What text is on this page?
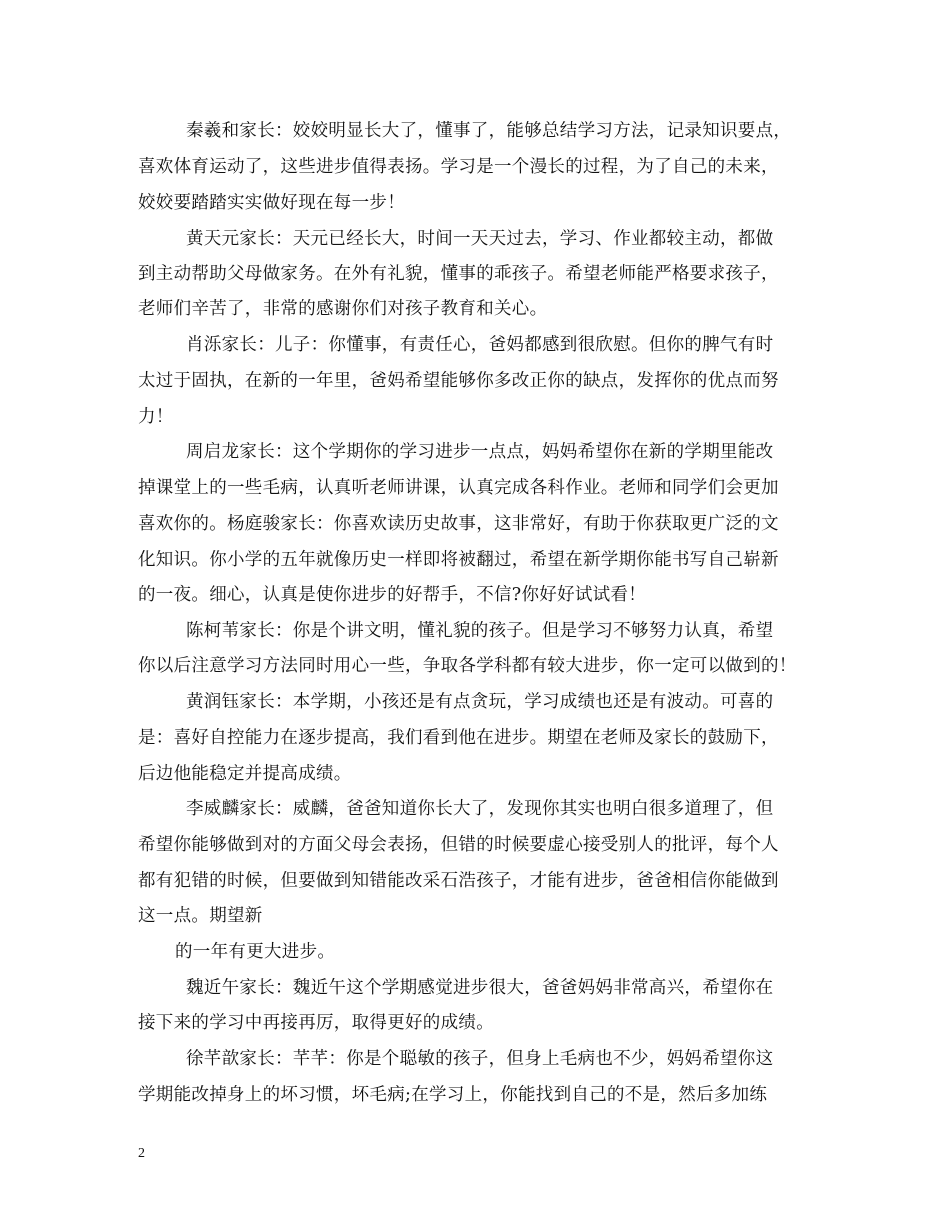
秦羲和家长：姣姣明显长大了，懂事了，能够总结学习方法，记录知识要点，
喜欢体育运动了，这些进步值得表扬。学习是一个漫长的过程，为了自己的未来，
姣姣要踏踏实实做好现在每一步！
黄天元家长：天元已经长大，时间一天天过去，学习、作业都较主动，都做
到主动帮助父母做家务。在外有礼貌，懂事的乖孩子。希望老师能严格要求孩子，
老师们辛苦了，非常的感谢你们对孩子教育和关心。
肖泺家长：儿子：你懂事，有责任心，爸妈都感到很欣慰。但你的脾气有时
太过于固执，在新的一年里，爸妈希望能够你多改正你的缺点，发挥你的优点而努
力！
周启龙家长：这个学期你的学习进步一点点，妈妈希望你在新的学期里能改
掉课堂上的一些毛病，认真听老师讲课，认真完成各科作业。老师和同学们会更加
喜欢你的。杨庭骏家长：你喜欢读历史故事，这非常好，有助于你获取更广泛的文
化知识。你小学的五年就像历史一样即将被翻过，希望在新学期你能书写自己崭新
的一夜。细心，认真是使你进步的好帮手，不信?你好好试试看！
陈柯苇家长：你是个讲文明，懂礼貌的孩子。但是学习不够努力认真，希望
你以后注意学习方法同时用心一些，争取各学科都有较大进步，你一定可以做到的！
黄润钰家长：本学期，小孩还是有点贪玩，学习成绩也还是有波动。可喜的
是：喜好自控能力在逐步提高，我们看到他在进步。期望在老师及家长的鼓励下，
后边他能稳定并提高成绩。
李威麟家长：威麟，爸爸知道你长大了，发现你其实也明白很多道理了，但
希望你能够做到对的方面父母会表扬，但错的时候要虚心接受别人的批评，每个人
都有犯错的时候，但要做到知错能改采石浩孩子，才能有进步，爸爸相信你能做到
这一点。期望新
的一年有更大进步。
魏近午家长：魏近午这个学期感觉进步很大，爸爸妈妈非常高兴，希望你在
接下来的学习中再接再厉，取得更好的成绩。
徐芊歆家长：芊芊：你是个聪敏的孩子，但身上毛病也不少，妈妈希望你这
学期能改掉身上的坏习惯，坏毛病;在学习上，你能找到自己的不是，然后多加练
2
